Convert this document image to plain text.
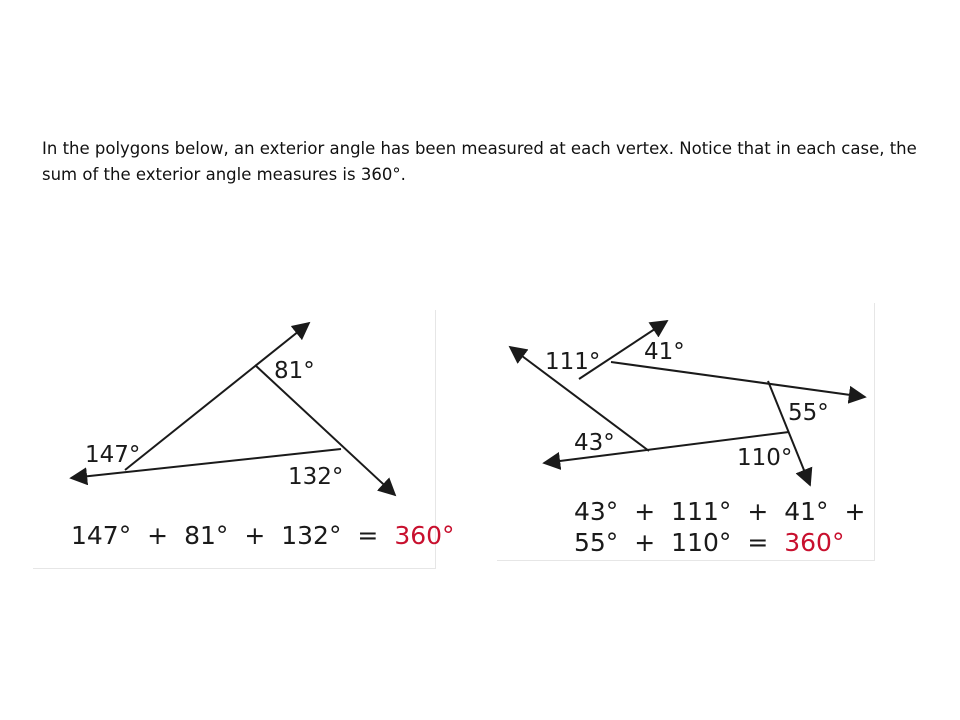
In the polygons below, an exterior angle has been measured at each vertex. Notice that in each case, the sum of the exterior angle measures is 360°.
147°
81°
132°
147° + 81° + 132° = 360°
111° 41°
55°
43°
110°
43° + 111° + 41° +
55° + 110° = 360°
